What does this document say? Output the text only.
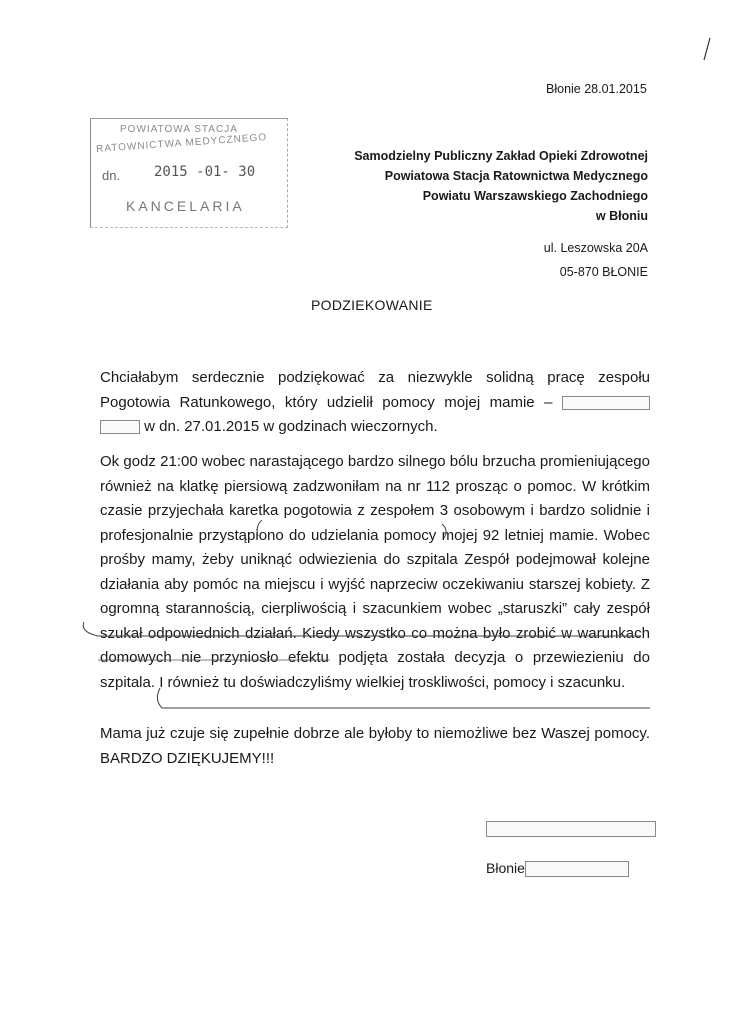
Błonie 28.01.2015
POWIATOWA STACJA
RATOWNICTWA MEDYCZNEGO
dn. 2015 -01- 30
KANCELARIA
Samodzielny Publiczny Zakład Opieki Zdrowotnej
Powiatowa Stacja Ratownictwa Medycznego
Powiatu Warszawskiego Zachodniego
w Błoniu
ul. Leszowska 20A
05-870 BŁONIE
PODZIEKOWANIE
Chciałabym serdecznie podziękować za niezwykle solidną pracę zespołu Pogotowia Ratunkowego, który udzielił pomocy mojej mamie –   w dn. 27.01.2015 w godzinach wieczornych.
Ok godz 21:00 wobec narastającego bardzo silnego bólu brzucha promieniującego również na klatkę piersiową zadzwoniłam na nr 112 prosząc o pomoc. W krótkim czasie przyjechała karetka pogotowia z zespołem 3 osobowym i bardzo solidnie i profesjonalnie przystąpiono do udzielania pomocy mojej 92 letniej mamie. Wobec prośby mamy, żeby uniknąć odwiezienia do szpitala Zespół podejmował kolejne działania aby pomóc na miejscu i wyjść naprzeciw oczekiwaniu starszej kobiety. Z ogromną starannością, cierpliwością i szacunkiem wobec „staruszki” cały zespół szukał odpowiednich działań. Kiedy wszystko co można było zrobić w warunkach domowych nie przyniosło efektu podjęta została decyzja o przewiezieniu do szpitala. I również tu doświadczyliśmy wielkiej troskliwości, pomocy i szacunku.
Mama już czuje się zupełnie dobrze ale byłoby to niemożliwe bez Waszej pomocy. BARDZO DZIĘKUJEMY!!!
Błonie
